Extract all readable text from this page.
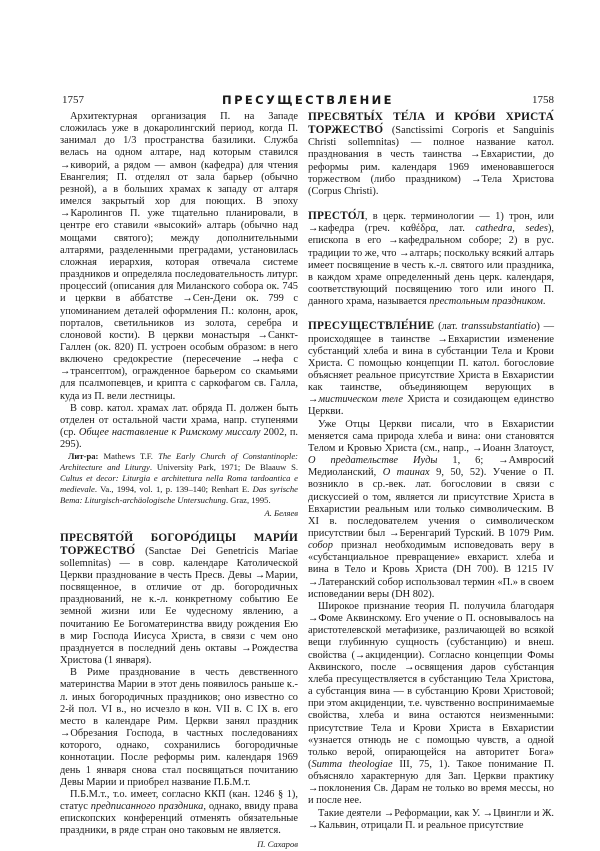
1757	ПРЕСУЩЕСТВЛЕНИЕ	1758

Архитектурная организация П. на Западе сложилась уже в докаролингский период, когда П. занимал до 1/3 пространства базилики. Служба велась на одном алтаре, над которым ставился →киворий, а рядом — амвон (кафедра) для чтения Евангелия; П. отделял от зала барьер (обычно резной), а в больших храмах к западу от алтаря имелся закрытый хор для поющих. В эпоху →Каролингов П. уже тщательно планировали, в центре его ставили «высокий» алтарь (обычно над мощами святого); между дополнительными алтарями, разделенными преградами, установилась сложная иерархия, которая отвечала системе праздников и определяла последовательность литург. процессий (описания для Миланского собора ок. 745 и церкви в аббатстве →Сен-Дени ок. 799 с упоминанием деталей оформления П.: колонн, арок, порталов, светильников из золота, серебра и слоновой кости). В церкви монастыря →Санкт-Галлен (ок. 820) П. устроен особым образом: в него включено средокрестие (пересечение →нефа с →трансептом), огражденное барьером со скамьями для псалмопевцев, и крипта с саркофагом св. Галла, куда из П. вели лестницы.

В совр. катол. храмах лат. обряда П. должен быть отделен от остальной части храма, напр. ступенями (ср. Общее наставление к Римскому миссалу 2002, п. 295).

Лит-ра: Mathews T.F. The Early Church of Constantinople: Architecture and Liturgy. University Park, 1971; De Blaauw S. Cultus et decor: Liturgia e architettura nella Roma tardoantica e medievale. Va., 1994, vol. 1, p. 139–140; Renhart E. Das syrische Bema: Liturgisch-archäologische Untersuchung. Graz, 1995.

А. Беляев

ПРЕСВЯТО́Й БОГОРО́ДИЦЫ МАРИ́И ТОРЖЕСТВО́ (Sanctae Dei Genetricis Mariae sollemnitas) — в совр. календаре Католической Церкви празднование в честь Пресв. Девы →Марии, посвященное, в отличие от др. богородичных празднований, не к.-л. конкретному событию Ее земной жизни или Ее чудесному явлению, а почитанию Ее Богоматеринства ввиду рождения Ею в мир Господа Иисуса Христа, в связи с чем оно празднуется в последний день октавы →Рождества Христова (1 января).

В Риме празднование в честь девственного материнства Марии в этот день появилось раньше к.-л. иных богородичных праздников; оно известно со 2-й пол. VI в., но исчезло в кон. VII в. С IX в. его место в календаре Рим. Церкви занял праздник →Обрезания Господа, в частных последованиях которого, однако, сохранились богородичные коннотации. После реформы рим. календаря 1969 день 1 января снова стал посвящаться почитанию Девы Марии и приобрел название П.Б.М.т.

П.Б.М.т., т.о. имеет, согласно ККП (кан. 1246 § 1), статус предписанного праздника, однако, ввиду права епископских конференций отменять обязательные праздники, в ряде стран оно таковым не является.

П. Сахаров

ПРЕСВЯТЫ́Х ТЕ́ЛА И КРО́ВИ ХРИСТА́ ТОРЖЕСТВО́ (Sanctissimi Corporis et Sanguinis Christi sollemnitas) — полное название катол. празднования в честь таинства →Евхаристии, до реформы рим. календаря 1969 именовавшегося торжеством (либо праздником) →Тела Христова (Corpus Christi).

ПРЕСТО́Л, в церк. терминологии — 1) трон, или →кафедра (греч. καθέδρα, лат. cathedra, sedes), епископа в его →кафедральном соборе; 2) в рус. традиции то же, что →алтарь; поскольку всякий алтарь имеет посвящение в честь к.-л. святого или праздника, в каждом храме определенный день церк. календаря, соответствующий посвящению того или иного П. данного храма, называется престольным праздником.

ПРЕСУЩЕСТВЛЕ́НИЕ (лат. transsubstantiatio) — происходящее в таинстве →Евхаристии изменение субстанций хлеба и вина в субстанции Тела и Крови Христа. С помощью концепции П. катол. богословие объясняет реальное присутствие Христа в Евхаристии как таинстве, объединяющем верующих в →мистическом теле Христа и созидающем единство Церкви.

Уже Отцы Церкви писали, что в Евхаристии меняется сама природа хлеба и вина: они становятся Телом и Кровью Христа (см., напр., →Иоанн Златоуст, О предательстве Иуды 1, 6; →Амвросий Медиоланский, О таинах 9, 50, 52). Учение о П. возникло в ср.-век. лат. богословии в связи с дискуссией о том, является ли присутствие Христа в Евхаристии реальным или только символическим. В XI в. последователем учения о символическом присутствии был →Беренгарий Турский. В 1079 Рим. собор признал необходимым исповедовать веру в «субстанциальное превращение» евхарист. хлеба и вина в Тело и Кровь Христа (DH 700). В 1215 IV →Латеранский собор использовал термин «П.» в своем исповедании веры (DH 802).

Широкое признание теория П. получила благодаря →Фоме Аквинскому. Его учение о П. основывалось на аристотелевской метафизике, различающей во всякой вещи глубинную сущность (субстанцию) и внеш. свойства (→акциденции). Согласно концепции Фомы Аквинского, после →освящения даров субстанция хлеба пресуществляется в субстанцию Тела Христова, а субстанция вина — в субстанцию Крови Христовой; при этом акциденции, т.е. чувственно воспринимаемые свойства, хлеба и вина остаются неизменными: присутствие Тела и Крови Христа в Евхаристии «узнается отнюдь не с помощью чувств, а одной только верой, опирающейся на авторитет Бога» (Summa theologiae III, 75, 1). Такое понимание П. объясняло характерную для Зап. Церкви практику →поклонения Св. Дарам не только во время мессы, но и после нее.

Такие деятели →Реформации, как У. →Цвингли и Ж. →Кальвин, отрицали П. и реальное присутствие
